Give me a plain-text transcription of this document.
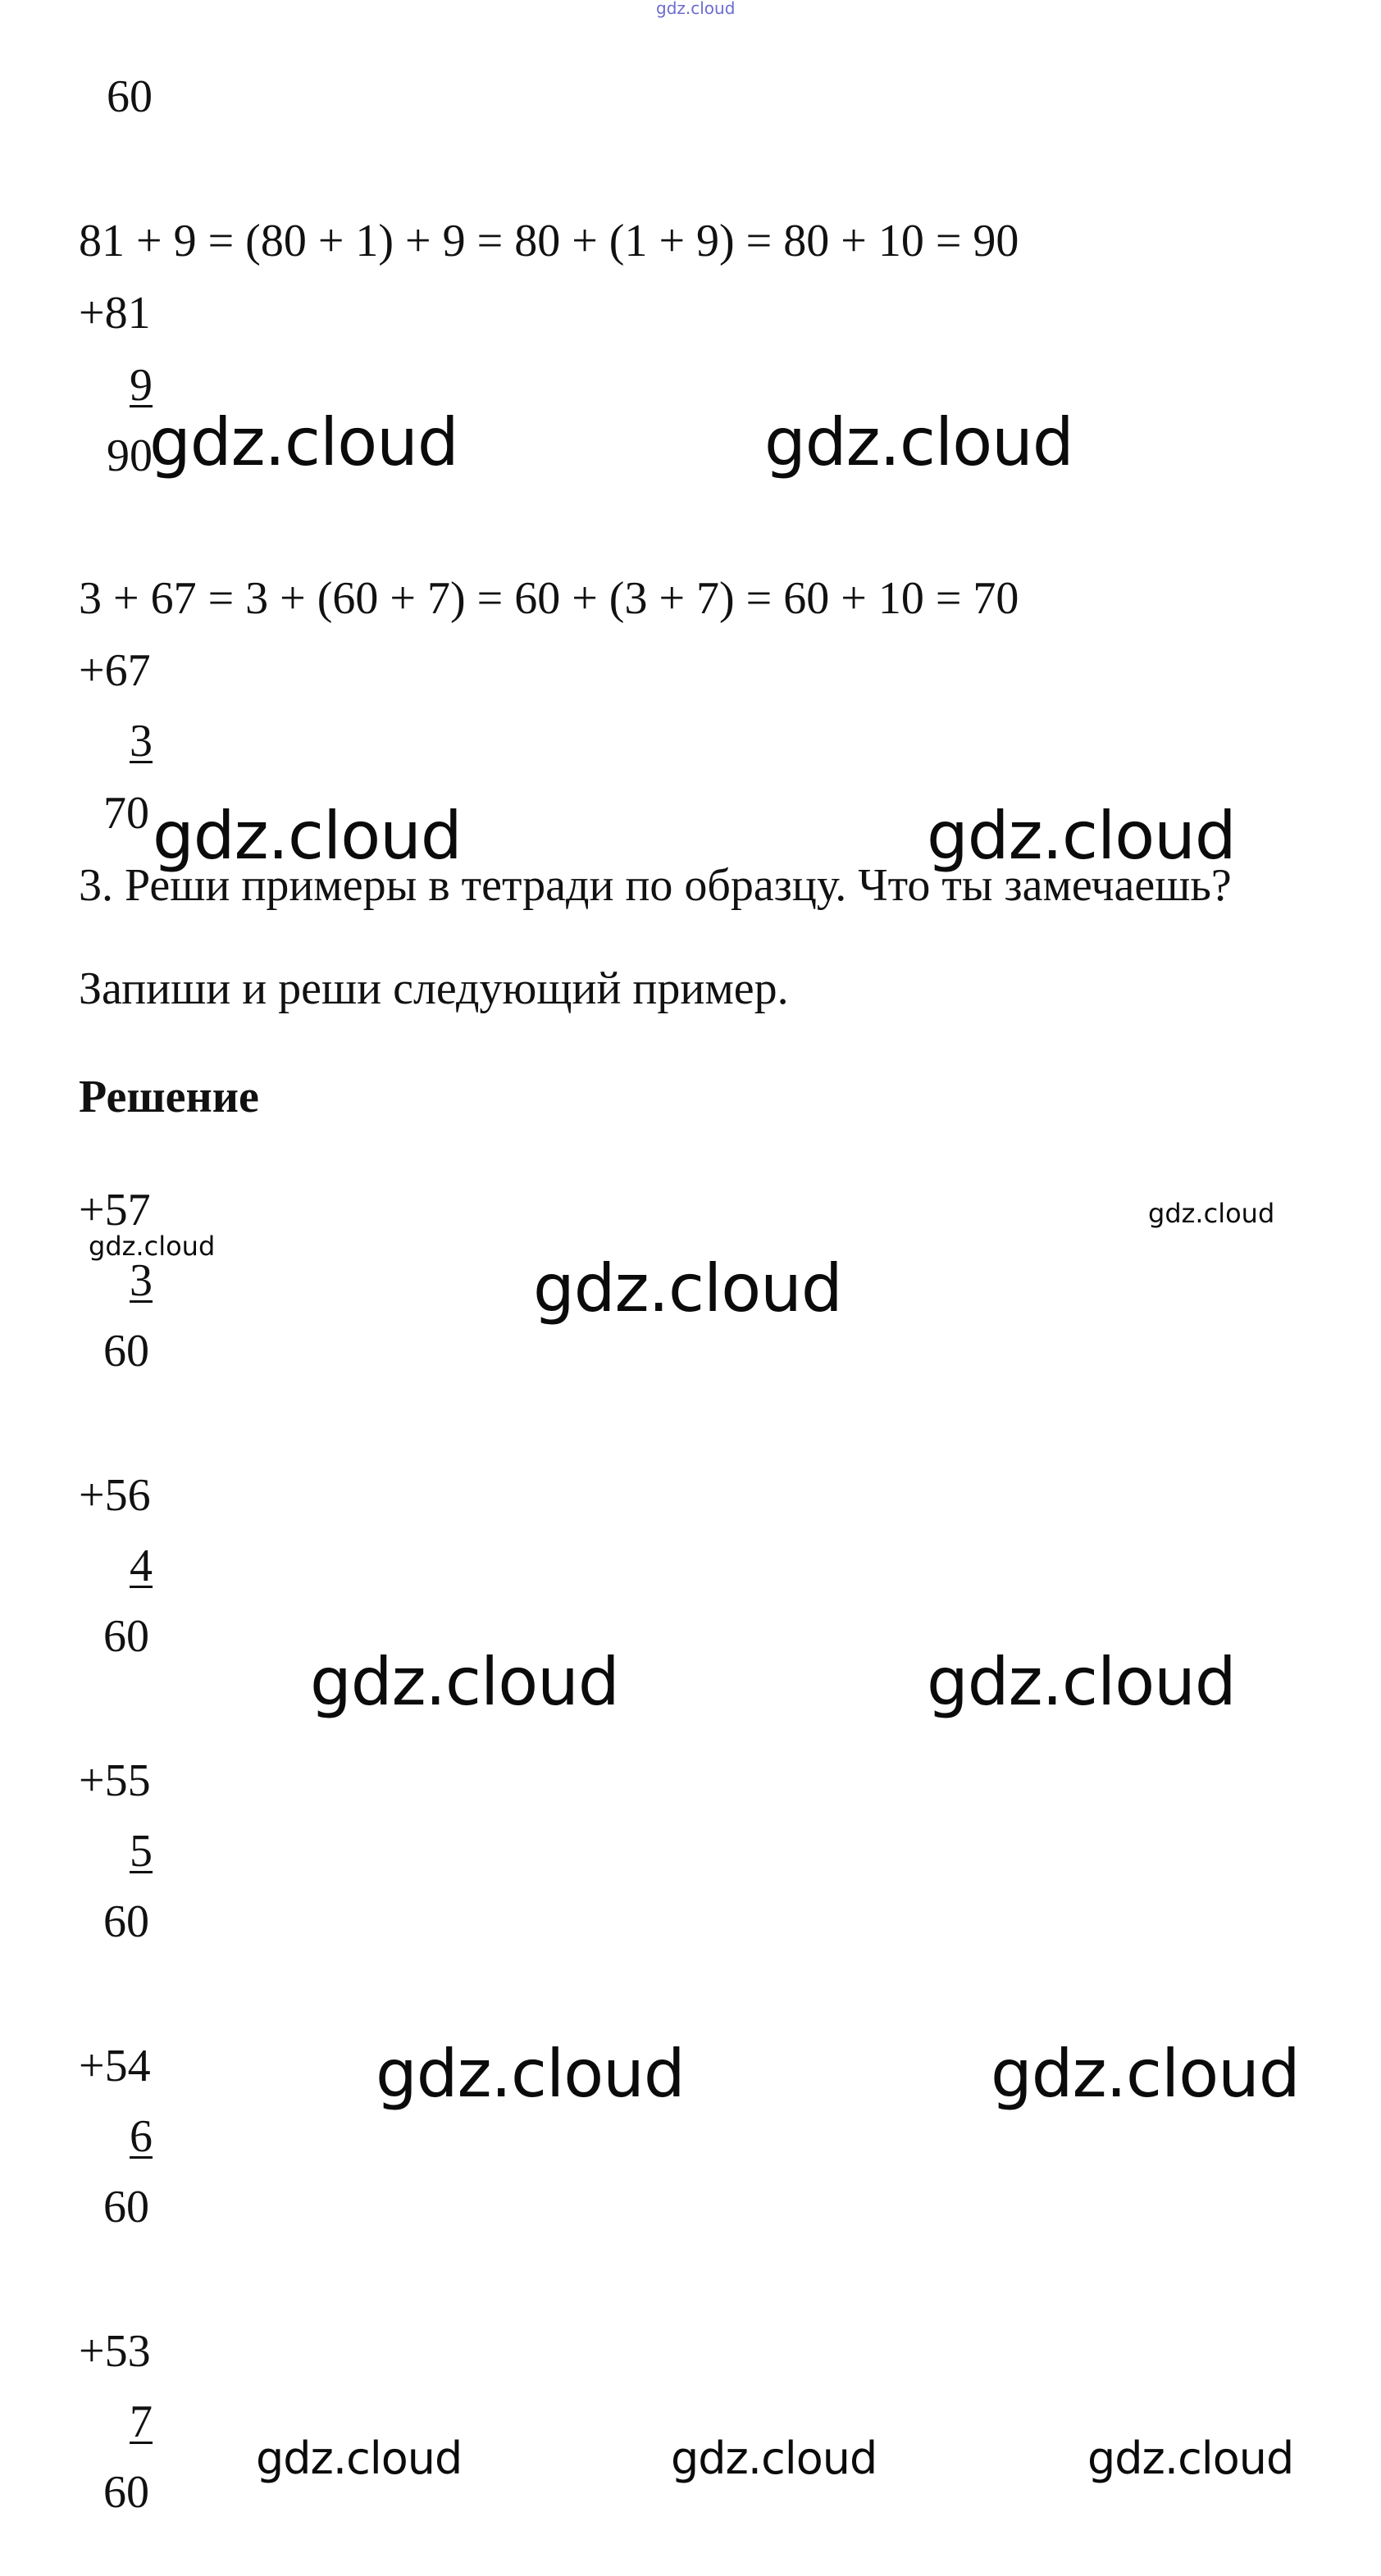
gdz.cloud
60
81 + 9 = (80 + 1) + 9 = 80 + (1 + 9) = 80 + 10 = 90
+81
9
90
3 + 67 = 3 + (60 + 7) = 60 + (3 + 7) = 60 + 10 = 70
+67
3
70
3. Реши примеры в тетради по образцу. Что ты замечаешь?
Запиши и реши следующий пример.
Решение
+57
3
60
+56
4
60
+55
5
60
+54
6
60
+53
7
60
gdz.cloud	gdz.cloud
gdz.cloud	gdz.cloud
gdz.cloud
gdz.cloud
gdz.cloud
gdz.cloud	gdz.cloud
gdz.cloud	gdz.cloud
gdz.cloud	gdz.cloud	gdz.cloud
